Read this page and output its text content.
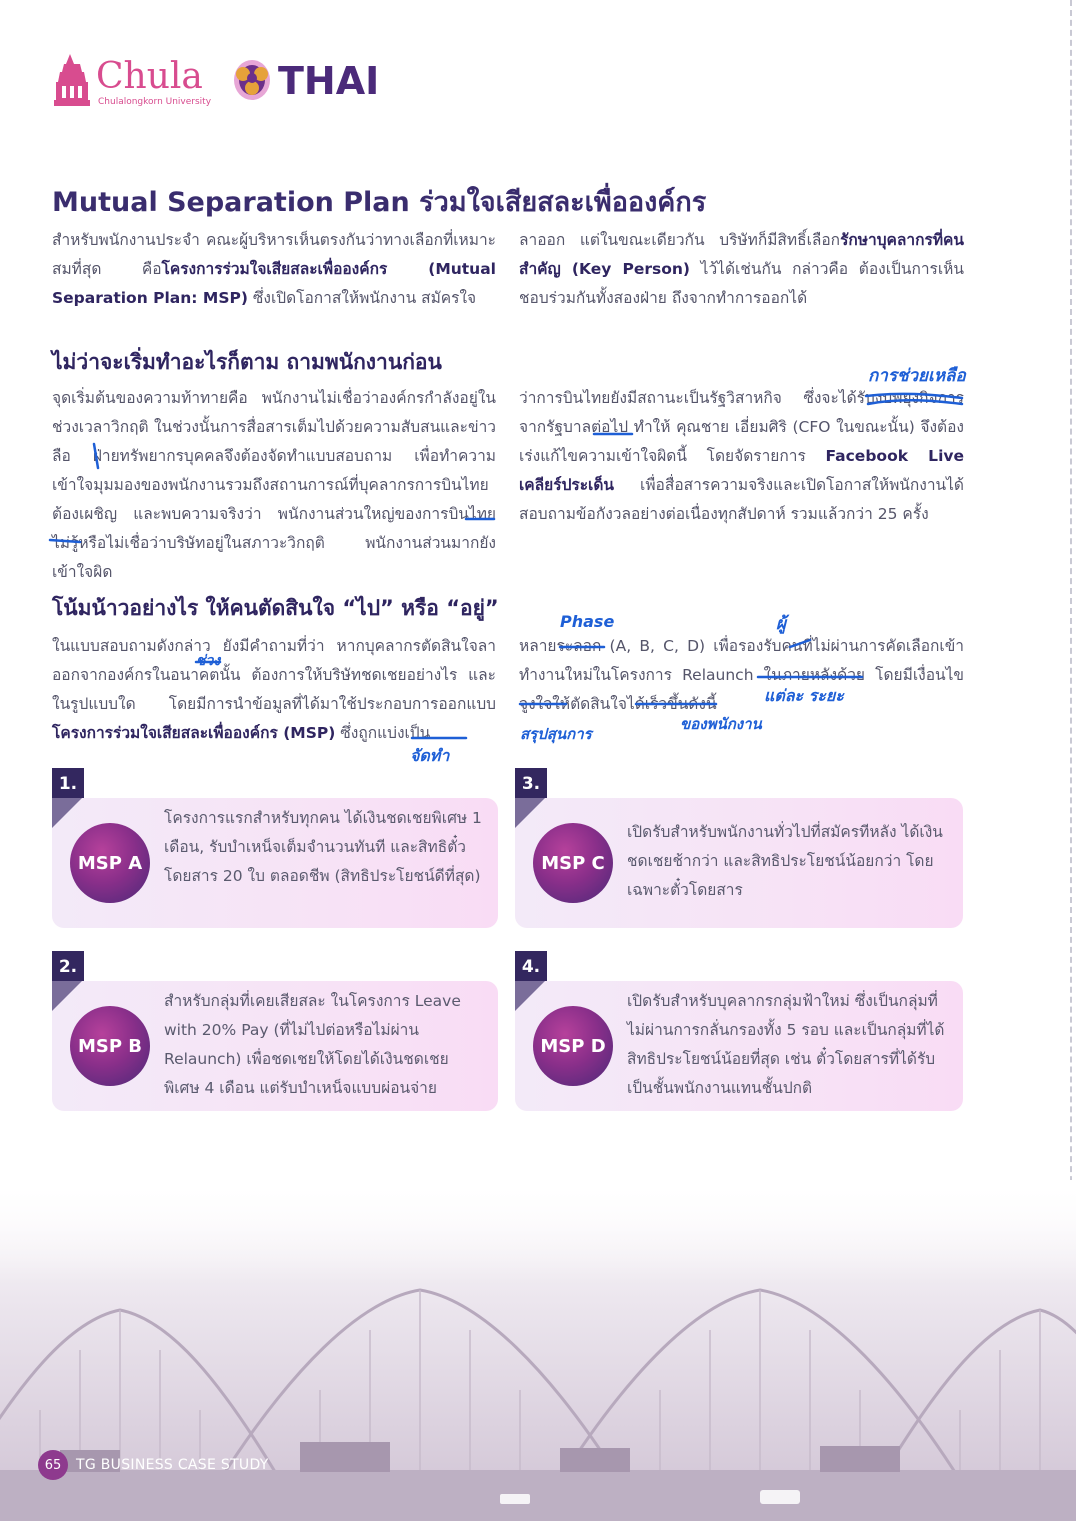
Chula
Chulalongkorn University THAI
Mutual Separation Plan ร่วมใจเสียสละเพื่อองค์กร
สำหรับพนักงานประจำ คณะผู้บริหารเห็นตรงกันว่าทางเลือกที่เหมาะสมที่สุด คือโครงการร่วมใจเสียสละเพื่อองค์กร (Mutual Separation Plan: MSP) ซึ่งเปิดโอกาสให้พนักงาน สมัครใจ
ลาออก แต่ในขณะเดียวกัน บริษัทก็มีสิทธิ์เลือกรักษาบุคลากรที่คนสำคัญ (Key Person) ไว้ได้เช่นกัน กล่าวคือ ต้องเป็นการเห็นชอบร่วมกันทั้งสองฝ่าย ถึงจากทำการออกได้
ไม่ว่าจะเริ่มทำอะไรก็ตาม ถามพนักงานก่อน
จุดเริ่มต้นของความท้าทายคือ พนักงานไม่เชื่อว่าองค์กรกำลังอยู่ในช่วงเวลาวิกฤติ ในช่วงนั้นการสื่อสารเต็มไปด้วยความสับสนและข่าวลือ ฝ่ายทรัพยากรบุคคลจึงต้องจัดทำแบบสอบถาม เพื่อทำความเข้าใจมุมมองของพนักงานรวมถึงสถานการณ์ที่บุคลากรการบินไทยต้องเผชิญ และพบความจริงว่า พนักงานส่วนใหญ่ของการบินไทยไม่รู้หรือไม่เชื่อว่าบริษัทอยู่ในสภาวะวิกฤติ พนักงานส่วนมากยังเข้าใจผิด
ว่าการบินไทยยังมีสถานะเป็นรัฐวิสาหกิจ ซึ่งจะได้รับงบพยุงกิจการจากรัฐบาลต่อไป ทำให้ คุณชาย เอี่ยมศิริ (CFO ในขณะนั้น) จึงต้องเร่งแก้ไขความเข้าใจผิดนี้ โดยจัดรายการ Facebook Live เคลียร์ประเด็น เพื่อสื่อสารความจริงและเปิดโอกาสให้พนักงานได้สอบถามข้อกังวลอย่างต่อเนื่องทุกสัปดาห์ รวมแล้วกว่า 25 ครั้ง
โน้มน้าวอย่างไร ให้คนตัดสินใจ “ไป” หรือ “อยู่”
ในแบบสอบถามดังกล่าว ยังมีคำถามที่ว่า หากบุคลากรตัดสินใจลาออกจากองค์กรในอนาคตนั้น ต้องการให้บริษัทชดเชยอย่างไร และในรูปแบบใด โดยมีการนำข้อมูลที่ได้มาใช้ประกอบการออกแบบโครงการร่วมใจเสียสละเพื่อองค์กร (MSP) ซึ่งถูกแบ่งเป็น
หลายระลอก (A, B, C, D) เพื่อรองรับคนที่ไม่ผ่านการคัดเลือกเข้าทำงานใหม่ในโครงการ Relaunch ในภายหลังด้วย โดยมีเงื่อนไขจูงใจให้ตัดสินใจได้เร็วขึ้นดังนี้
การช่วยเหลือ
Phase	ผู้
แต่ละ ระยะ
ของพนักงาน
สรุปสุนการ
ช่วง
จัดทำ
1.
MSP A
โครงการแรกสำหรับทุกคน ได้เงินชดเชยพิเศษ 1 เดือน, รับบำเหน็จเต็มจำนวนทันที และสิทธิตั๋วโดยสาร 20 ใบ ตลอดชีพ (สิทธิประโยชน์ดีที่สุด)
3.
MSP C
เปิดรับสำหรับพนักงานทั่วไปที่สมัครทีหลัง ได้เงินชดเชยช้ากว่า และสิทธิประโยชน์น้อยกว่า โดยเฉพาะตั๋วโดยสาร
2.
MSP B
สำหรับกลุ่มที่เคยเสียสละ ในโครงการ Leave with 20% Pay (ที่ไม่ไปต่อหรือไม่ผ่าน Relaunch) เพื่อชดเชยให้โดยได้เงินชดเชยพิเศษ 4 เดือน แต่รับบำเหน็จแบบผ่อนจ่าย
4.
MSP D
เปิดรับสำหรับบุคลากรกลุ่มฟ้าใหม่ ซึ่งเป็นกลุ่มที่ไม่ผ่านการกลั่นกรองทั้ง 5 รอบ และเป็นกลุ่มที่ได้สิทธิประโยชน์น้อยที่สุด เช่น ตั๋วโดยสารที่ได้รับเป็นชั้นพนักงานแทนชั้นปกติ
65	TG BUSINESS CASE STUDY
